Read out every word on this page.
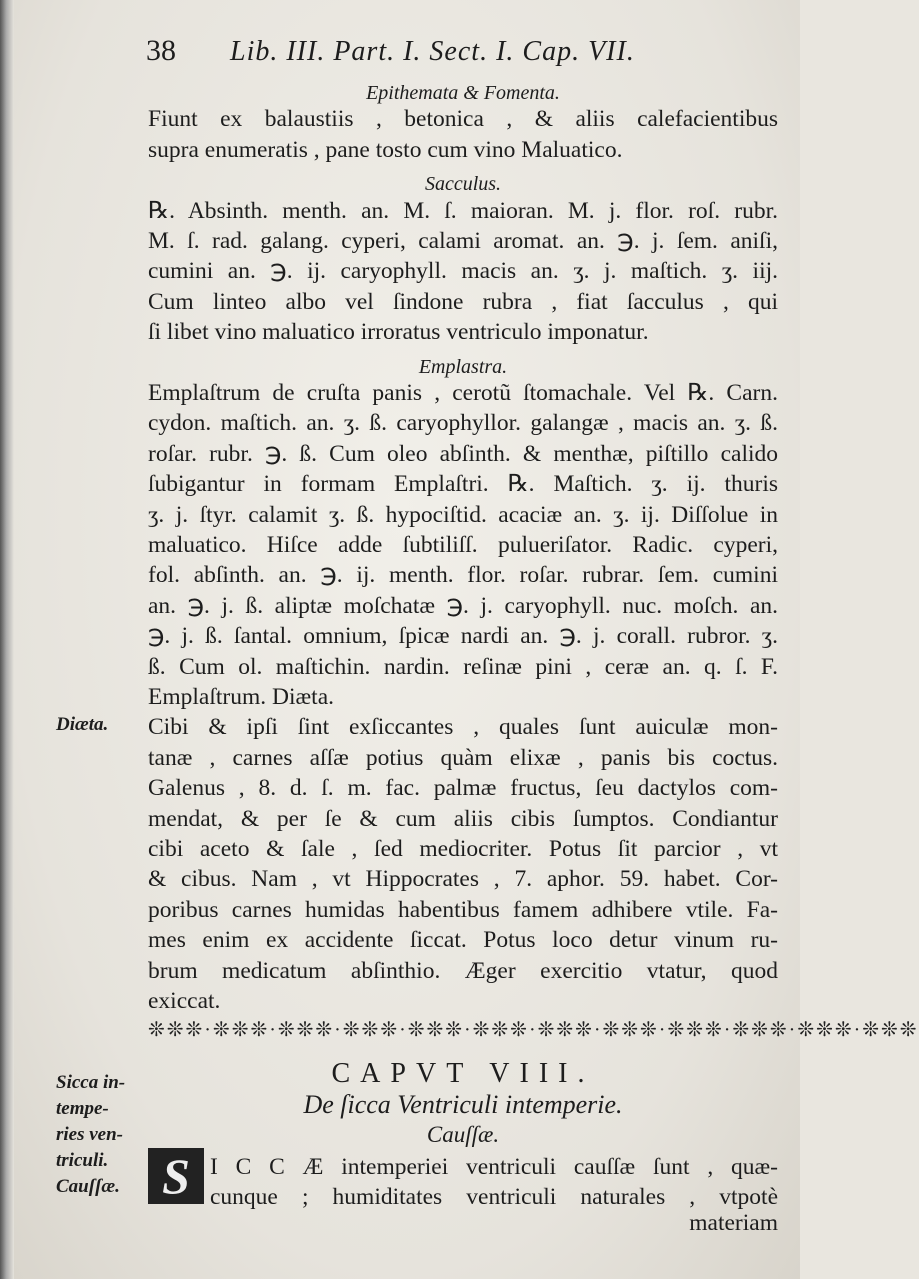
38 Lib. III. Part. I. Sect. I. Cap. VII.
Epithemata & Fomenta.
Fiunt ex balaustiis , betonica , & aliis calefacientibus
supra enumeratis , pane tosto cum vino Maluatico.
Sacculus.
℞. Absinth. menth. an. M. ſ. maioran. M. j. flor. roſ. rubr.
M. ſ. rad. galang. cyperi, calami aromat. an. ℈. j. ſem. aniſi,
cumini an. ℈. ij. caryophyll. macis an. ʒ. j. maſtich. ʒ. iij.
Cum linteo albo vel ſindone rubra , fiat ſacculus , qui
ſi libet vino maluatico irroratus ventriculo imponatur.
Emplastra.
Emplaſtrum de cruſta panis , cerotũ ſtomachale. Vel ℞. Carn.
cydon. maſtich. an. ʒ. ß. caryophyllor. galangæ , macis an. ʒ. ß.
roſar. rubr. ℈. ß. Cum oleo abſinth. & menthæ, piſtillo calido
ſubigantur in formam Emplaſtri. ℞. Maſtich. ʒ. ij. thuris
ʒ. j. ſtyr. calamit ʒ. ß. hypociſtid. acaciæ an. ʒ. ij. Diſſolue in
maluatico. Hiſce adde ſubtiliſſ. pulueriſator. Radic. cyperi,
fol. abſinth. an. ℈. ij. menth. flor. roſar. rubrar. ſem. cumini
an. ℈. j. ß. aliptæ moſchatæ ℈. j. caryophyll. nuc. moſch. an.
℈. j. ß. ſantal. omnium, ſpicæ nardi an. ℈. j. corall. rubror. ʒ.
ß. Cum ol. maſtichin. nardin. reſinæ pini , ceræ an. q. ſ. F.
Emplaſtrum. Diæta.
Cibi & ipſi ſint exſiccantes , quales ſunt auiculæ mon-
tanæ , carnes aſſæ potius quàm elixæ , panis bis coctus.
Galenus , 8. d. ſ. m. fac. palmæ fructus, ſeu dactylos com-
mendat, & per ſe & cum aliis cibis ſumptos. Condiantur
cibi aceto & ſale , ſed mediocriter. Potus ſit parcior , vt
& cibus. Nam , vt Hippocrates , 7. aphor. 59. habet. Cor-
poribus carnes humidas habentibus famem adhibere vtile. Fa-
mes enim ex accidente ſiccat. Potus loco detur vinum ru-
brum medicatum abſinthio. Æger exercitio vtatur, quod
exiccat.
Diæta.
Sicca in-
tempe-
ries ven-
triculi.
Cauſſæ.
❊❊❊·❊❊❊·❊❊❊·❊❊❊·❊❊❊·❊❊❊·❊❊❊·❊❊❊·❊❊❊·❊❊❊·❊❊❊·❊❊❊
CAPVT VIII.
De ſicca Ventriculi intemperie.
Cauſſæ.
S I C C Æ intemperiei ventriculi cauſſæ ſunt , quæ-
cunque ; humiditates ventriculi naturales , vtpotè
materiam
